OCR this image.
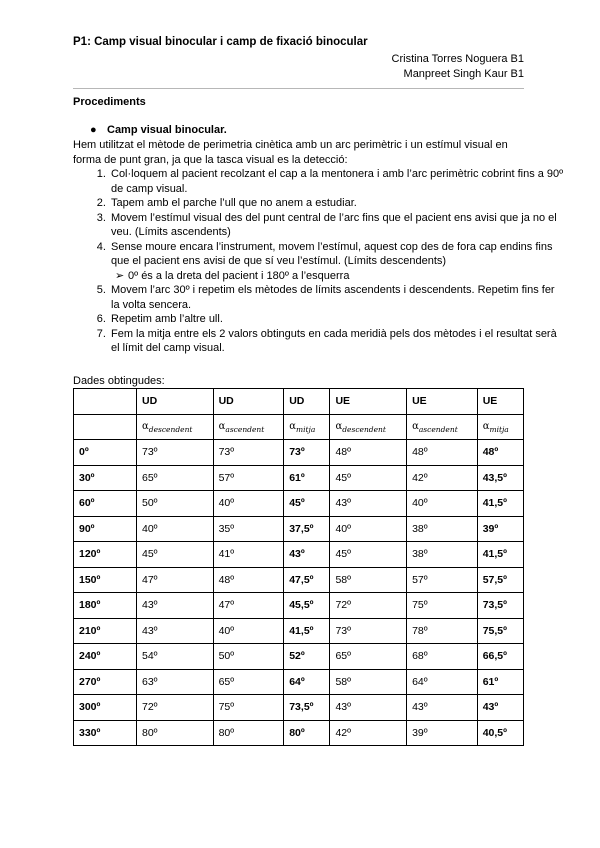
P1: Camp visual binocular i camp de fixació binocular
Cristina Torres Noguera B1
Manpreet Singh Kaur B1
Procediments
● Camp visual binocular.
Hem utilitzat el mètode de perimetria cinètica amb un arc perimètric i un estímul visual en forma de punt gran, ja que la tasca visual es la detecció:
1. Col·loquem al pacient recolzant el cap a la mentonera i amb l’arc perimètric cobrint fins a 90º de camp visual.
2. Tapem amb el parche l’ull que no anem a estudiar.
3. Movem l’estímul visual des del punt central de l’arc fins que el pacient ens avisi que ja no el veu. (Límits ascendents)
4. Sense moure encara l’instrument, movem l’estímul, aquest cop des de fora cap endins fins que el pacient ens avisi de que sí veu l’estímul. (Límits descendents)
➢ 0º és a la dreta del pacient i 180º a l’esquerra
5. Movem l’arc 30º i repetim els mètodes de límits ascendents i descendents. Repetim fins fer la volta sencera.
6. Repetim amb l’altre ull.
7. Fem la mitja entre els 2 valors obtinguts en cada meridià pels dos mètodes i el resultat serà el límit del camp visual.
Dades obtingudes:
	UD	UD	UD	UE	UE	UE
	$\alpha_{descendent}$	$\alpha_{ascendent}$	$\alpha_{mitja}$	$\alpha_{descendent}$	$\alpha_{ascendent}$	$\alpha_{mitja}$
0º	73º	73º	73º	48º	48º	48º
30º	65º	57º	61º	45º	42º	43,5º
60º	50º	40º	45º	43º	40º	41,5º
90º	40º	35º	37,5º	40º	38º	39º
120º	45º	41º	43º	45º	38º	41,5º
150º	47º	48º	47,5º	58º	57º	57,5º
180º	43º	47º	45,5º	72º	75º	73,5º
210º	43º	40º	41,5º	73º	78º	75,5º
240º	54º	50º	52º	65º	68º	66,5º
270º	63º	65º	64º	58º	64º	61º
300º	72º	75º	73,5º	43º	43º	43º
330º	80º	80º	80º	42º	39º	40,5º
